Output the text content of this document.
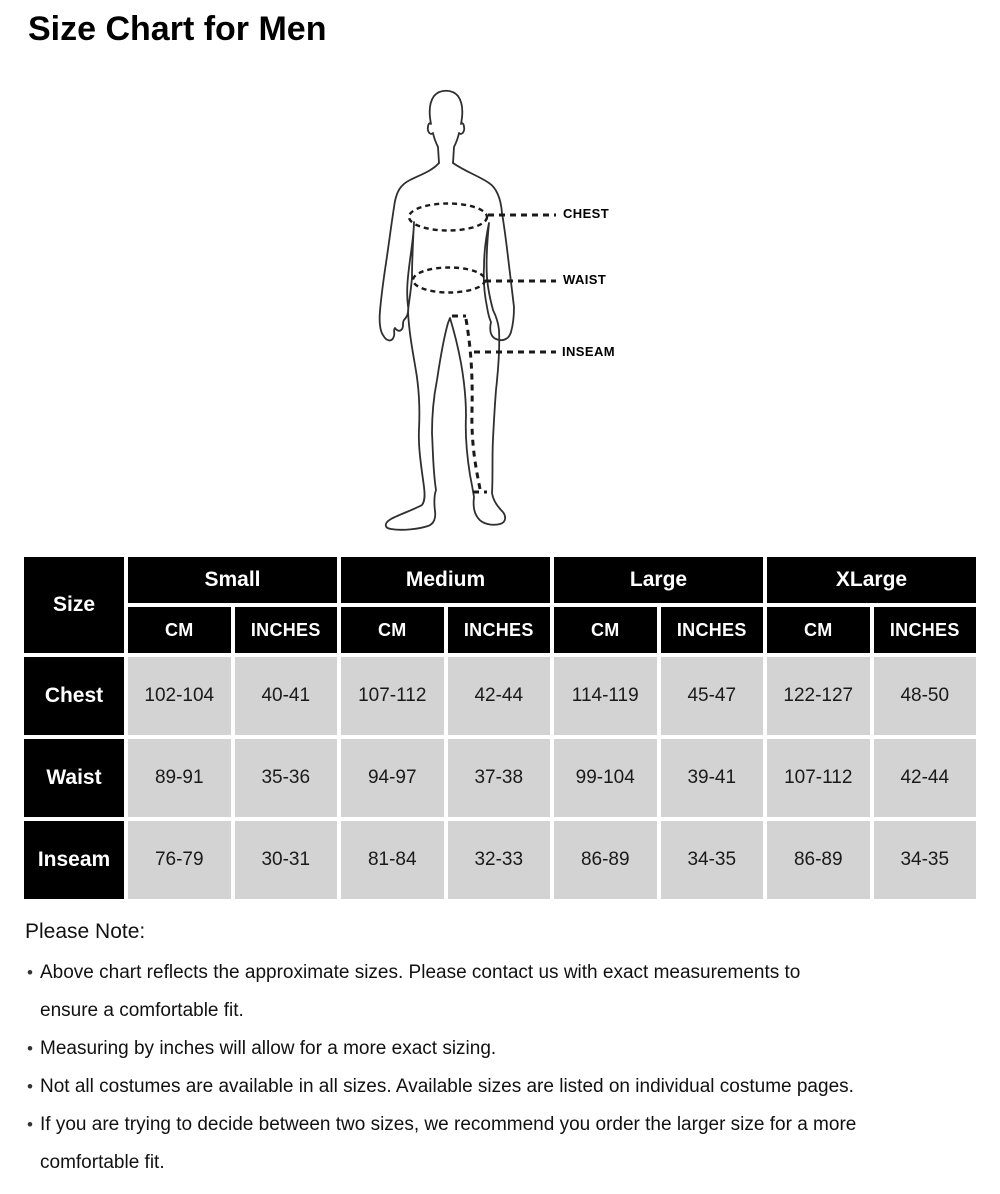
Size Chart for Men
CHEST
WAIST
INSEAM
Size	Small		Medium		Large		XLarge	
	CM	INCHES	CM	INCHES	CM	INCHES	CM	INCHES
Chest	102-104	40-41	107-112	42-44	114-119	45-47	122-127	48-50
Waist	89-91	35-36	94-97	37-38	99-104	39-41	107-112	42-44
Inseam	76-79	30-31	81-84	32-33	86-89	34-35	86-89	34-35

Please Note:

• Above chart reflects the approximate sizes. Please contact us with exact measurements to
ensure a comfortable fit.
• Measuring by inches will allow for a more exact sizing.
• Not all costumes are available in all sizes. Available sizes are listed on individual costume pages.
• If you are trying to decide between two sizes, we recommend you order the larger size for a more
comfortable fit.
